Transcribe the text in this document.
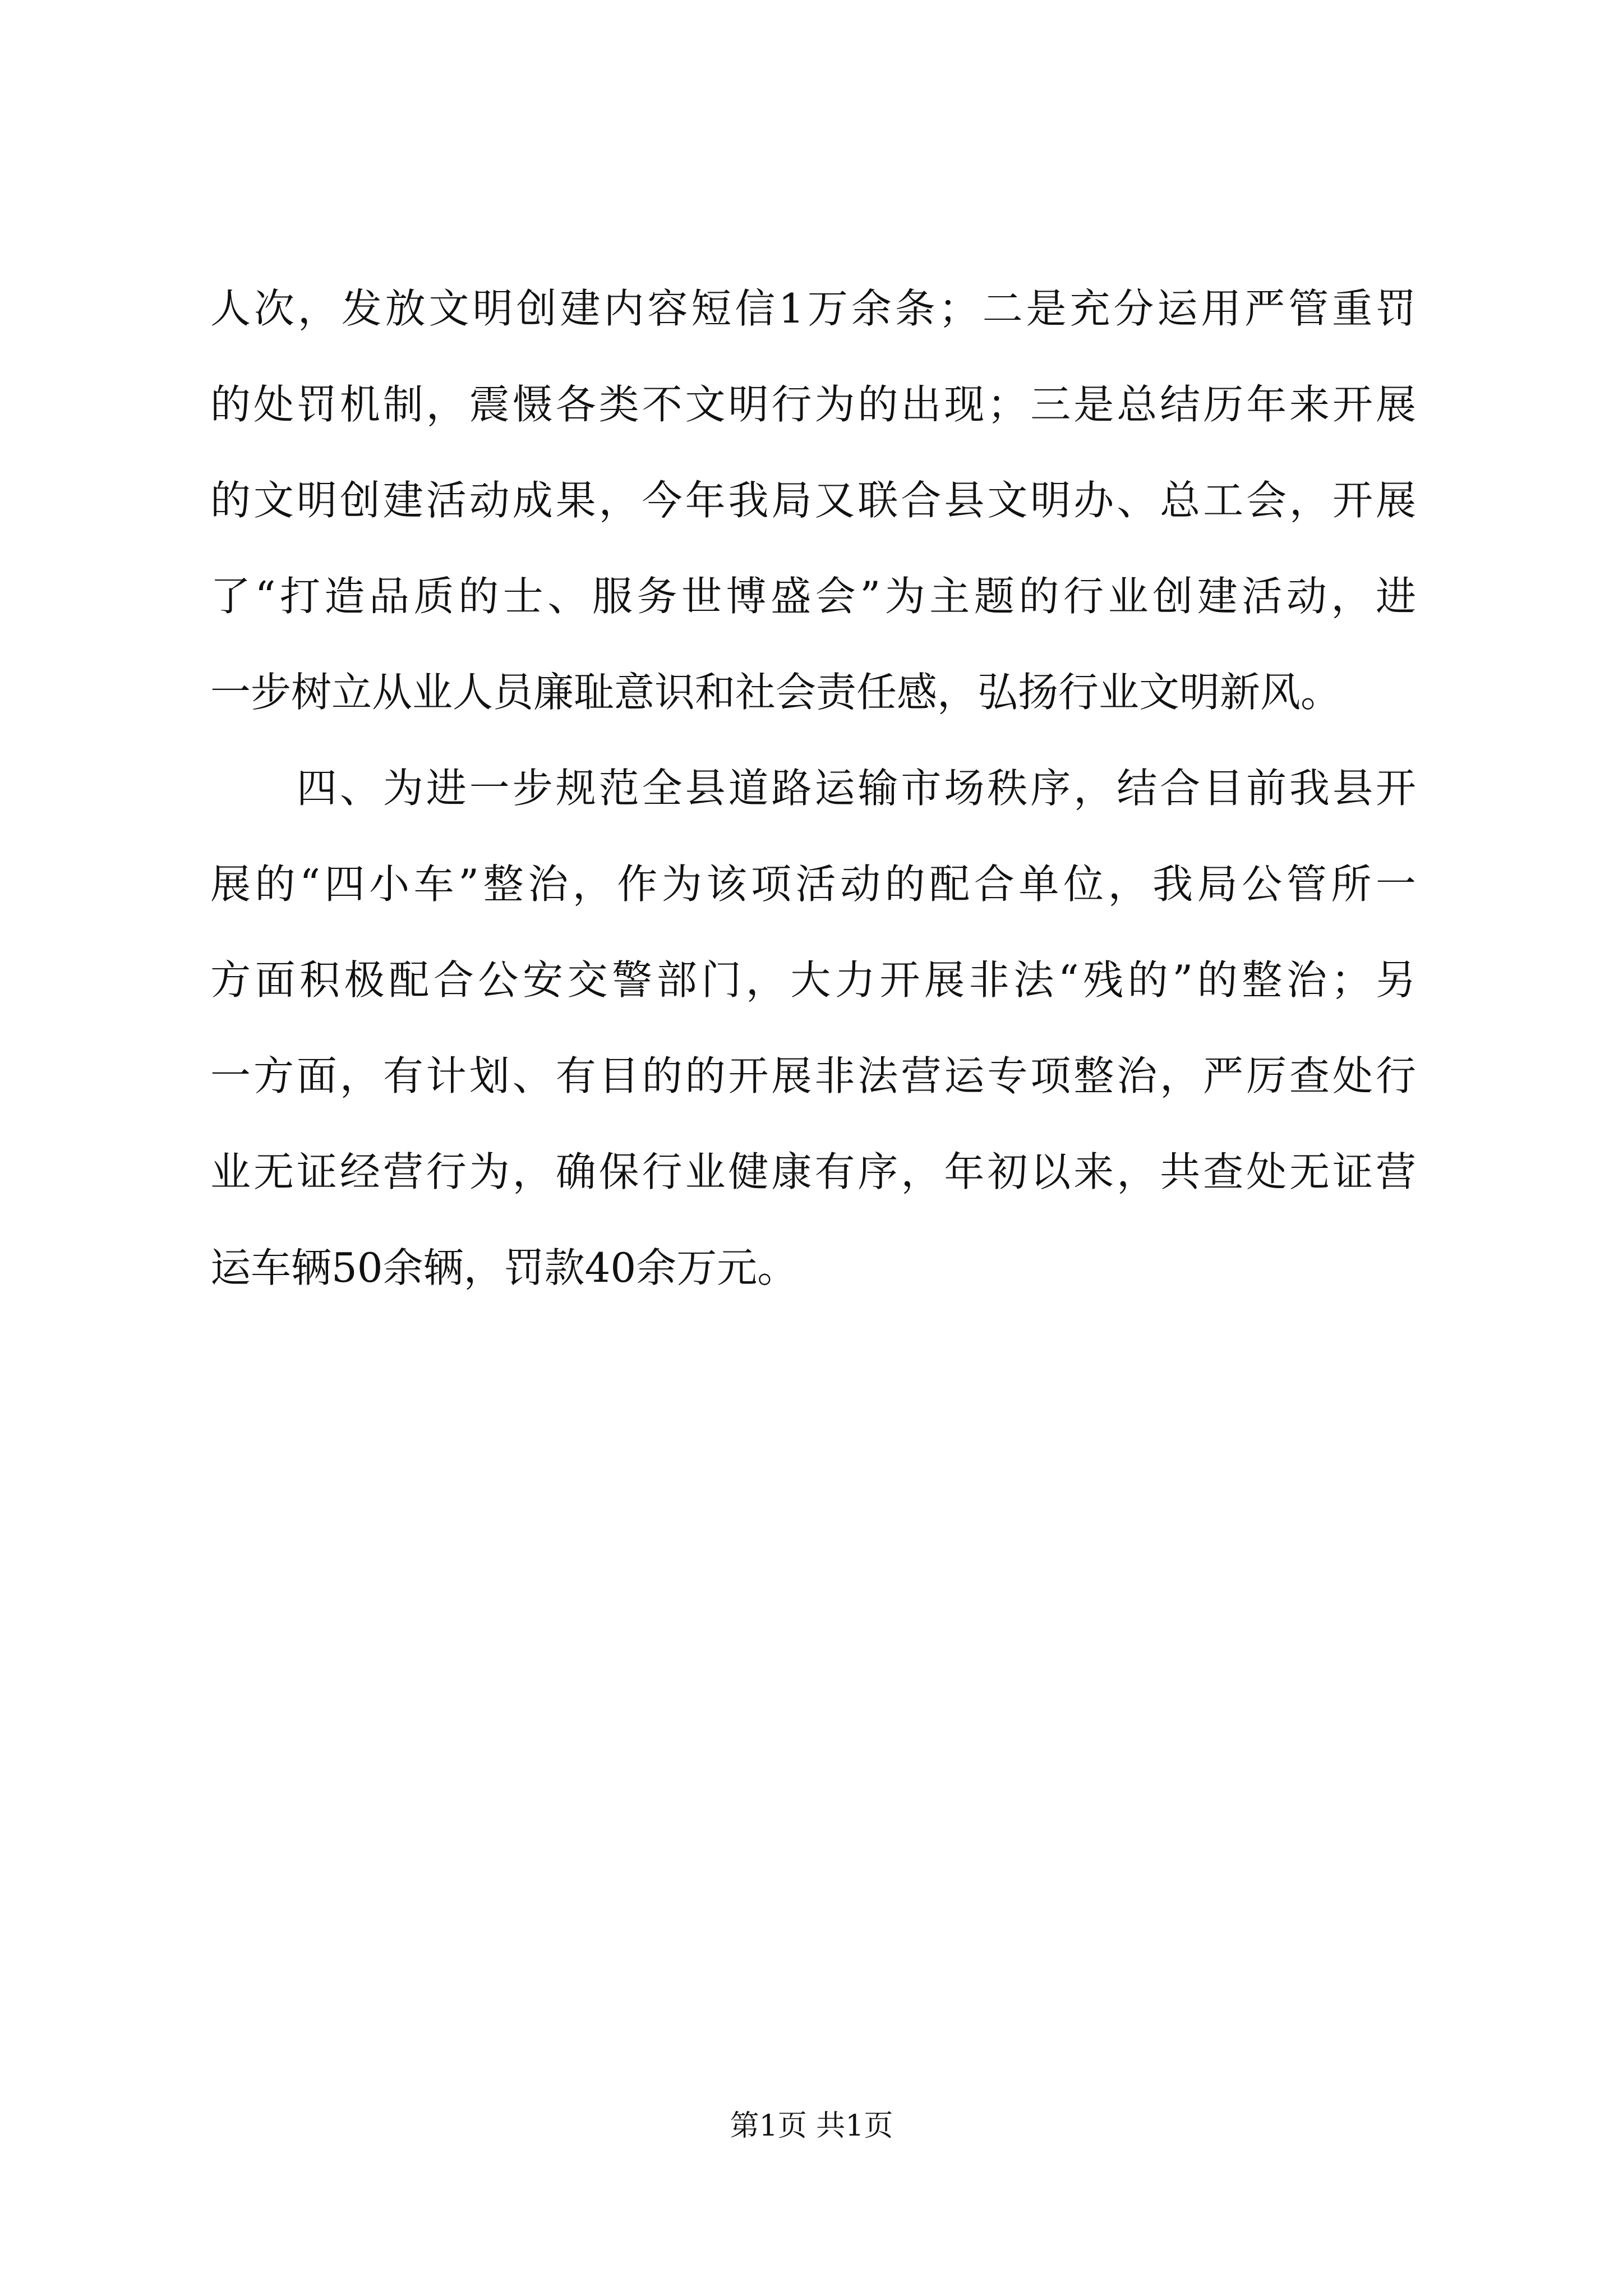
人次，发放文明创建内容短信1万余条；二是充分运用严管重罚
的处罚机制，震慑各类不文明行为的出现；三是总结历年来开展
的文明创建活动成果，今年我局又联合县文明办、总工会，开展
了“打造品质的士、服务世博盛会”为主题的行业创建活动，进
一步树立从业人员廉耻意识和社会责任感，弘扬行业文明新风。
　　四、为进一步规范全县道路运输市场秩序，结合目前我县开
展的“四小车”整治，作为该项活动的配合单位，我局公管所一
方面积极配合公安交警部门，大力开展非法“残的”的整治；另
一方面，有计划、有目的的开展非法营运专项整治，严厉查处行
业无证经营行为，确保行业健康有序，年初以来，共查处无证营
运车辆50余辆，罚款40余万元。
第1页 共1页
